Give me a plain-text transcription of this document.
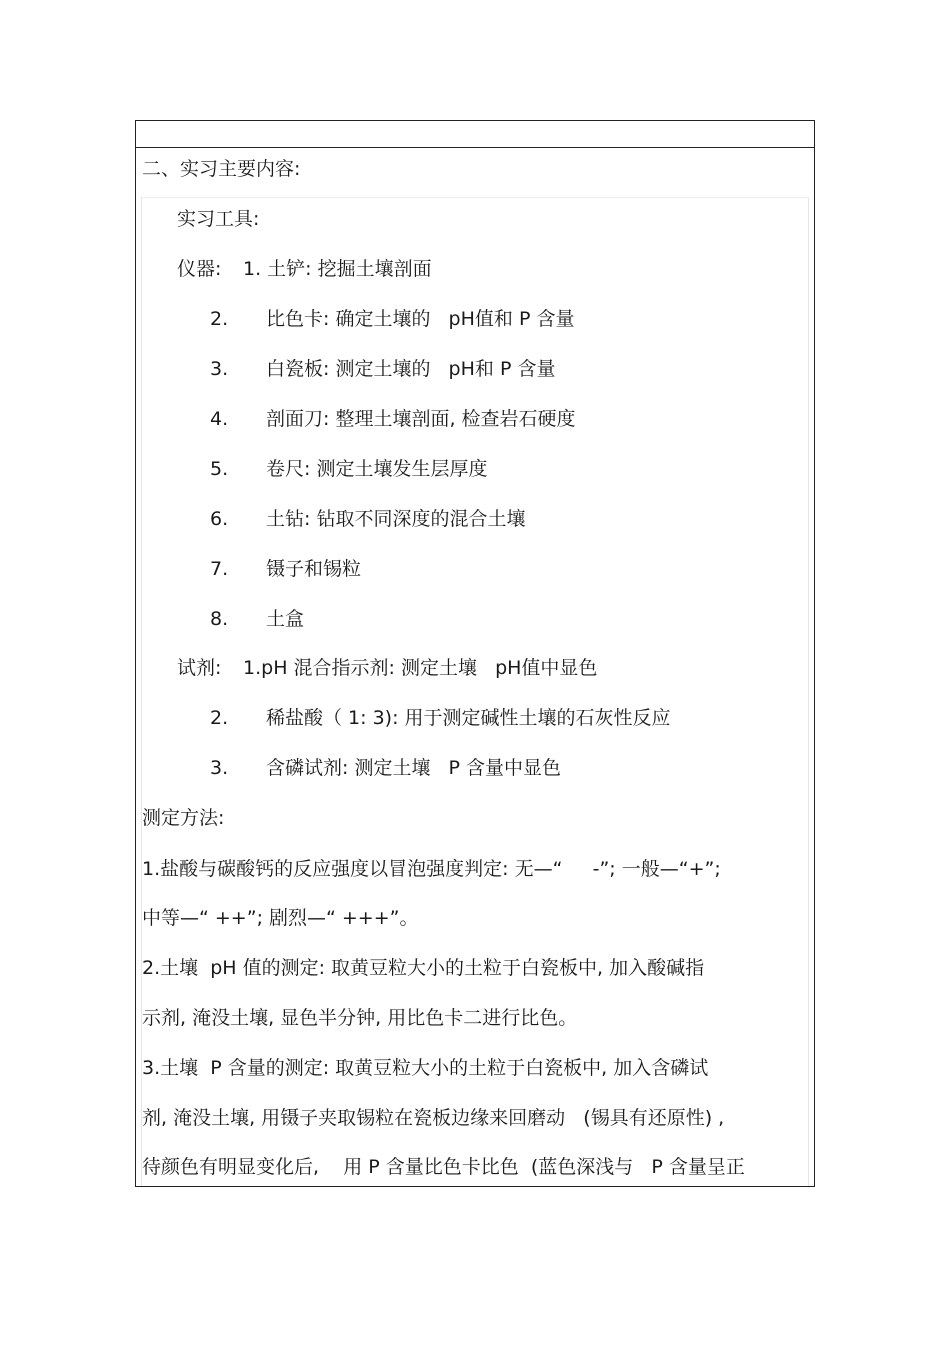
二、实习主要内容:
实习工具:
仪器: 1. 土铲: 挖掘土壤剖面
2. 比色卡: 确定土壤的   pH值和 P 含量
3. 白瓷板: 测定土壤的   pH和 P 含量
4. 剖面刀: 整理土壤剖面, 检查岩石硬度
5. 卷尺: 测定土壤发生层厚度
6. 土钻: 钻取不同深度的混合土壤
7. 镊子和锡粒
8. 土盒
试剂: 1.pH 混合指示剂: 测定土壤   pH值中显色
2. 稀盐酸（ 1: 3): 用于测定碱性土壤的石灰性反应
3. 含磷试剂: 测定土壤   P 含量中显色
测定方法:
1.盐酸与碳酸钙的反应强度以冒泡强度判定: 无—“     -”; 一般—“+”;
中等—“ ++”; 剧烈—“ +++”。
2.土壤  pH 值的测定: 取黄豆粒大小的土粒于白瓷板中, 加入酸碱指
示剂, 淹没土壤, 显色半分钟, 用比色卡二进行比色。
3.土壤  P 含量的测定: 取黄豆粒大小的土粒于白瓷板中, 加入含磷试
剂, 淹没土壤, 用镊子夹取锡粒在瓷板边缘来回磨动   (锡具有还原性) ,
待颜色有明显变化后,    用 P 含量比色卡比色  (蓝色深浅与   P 含量呈正
